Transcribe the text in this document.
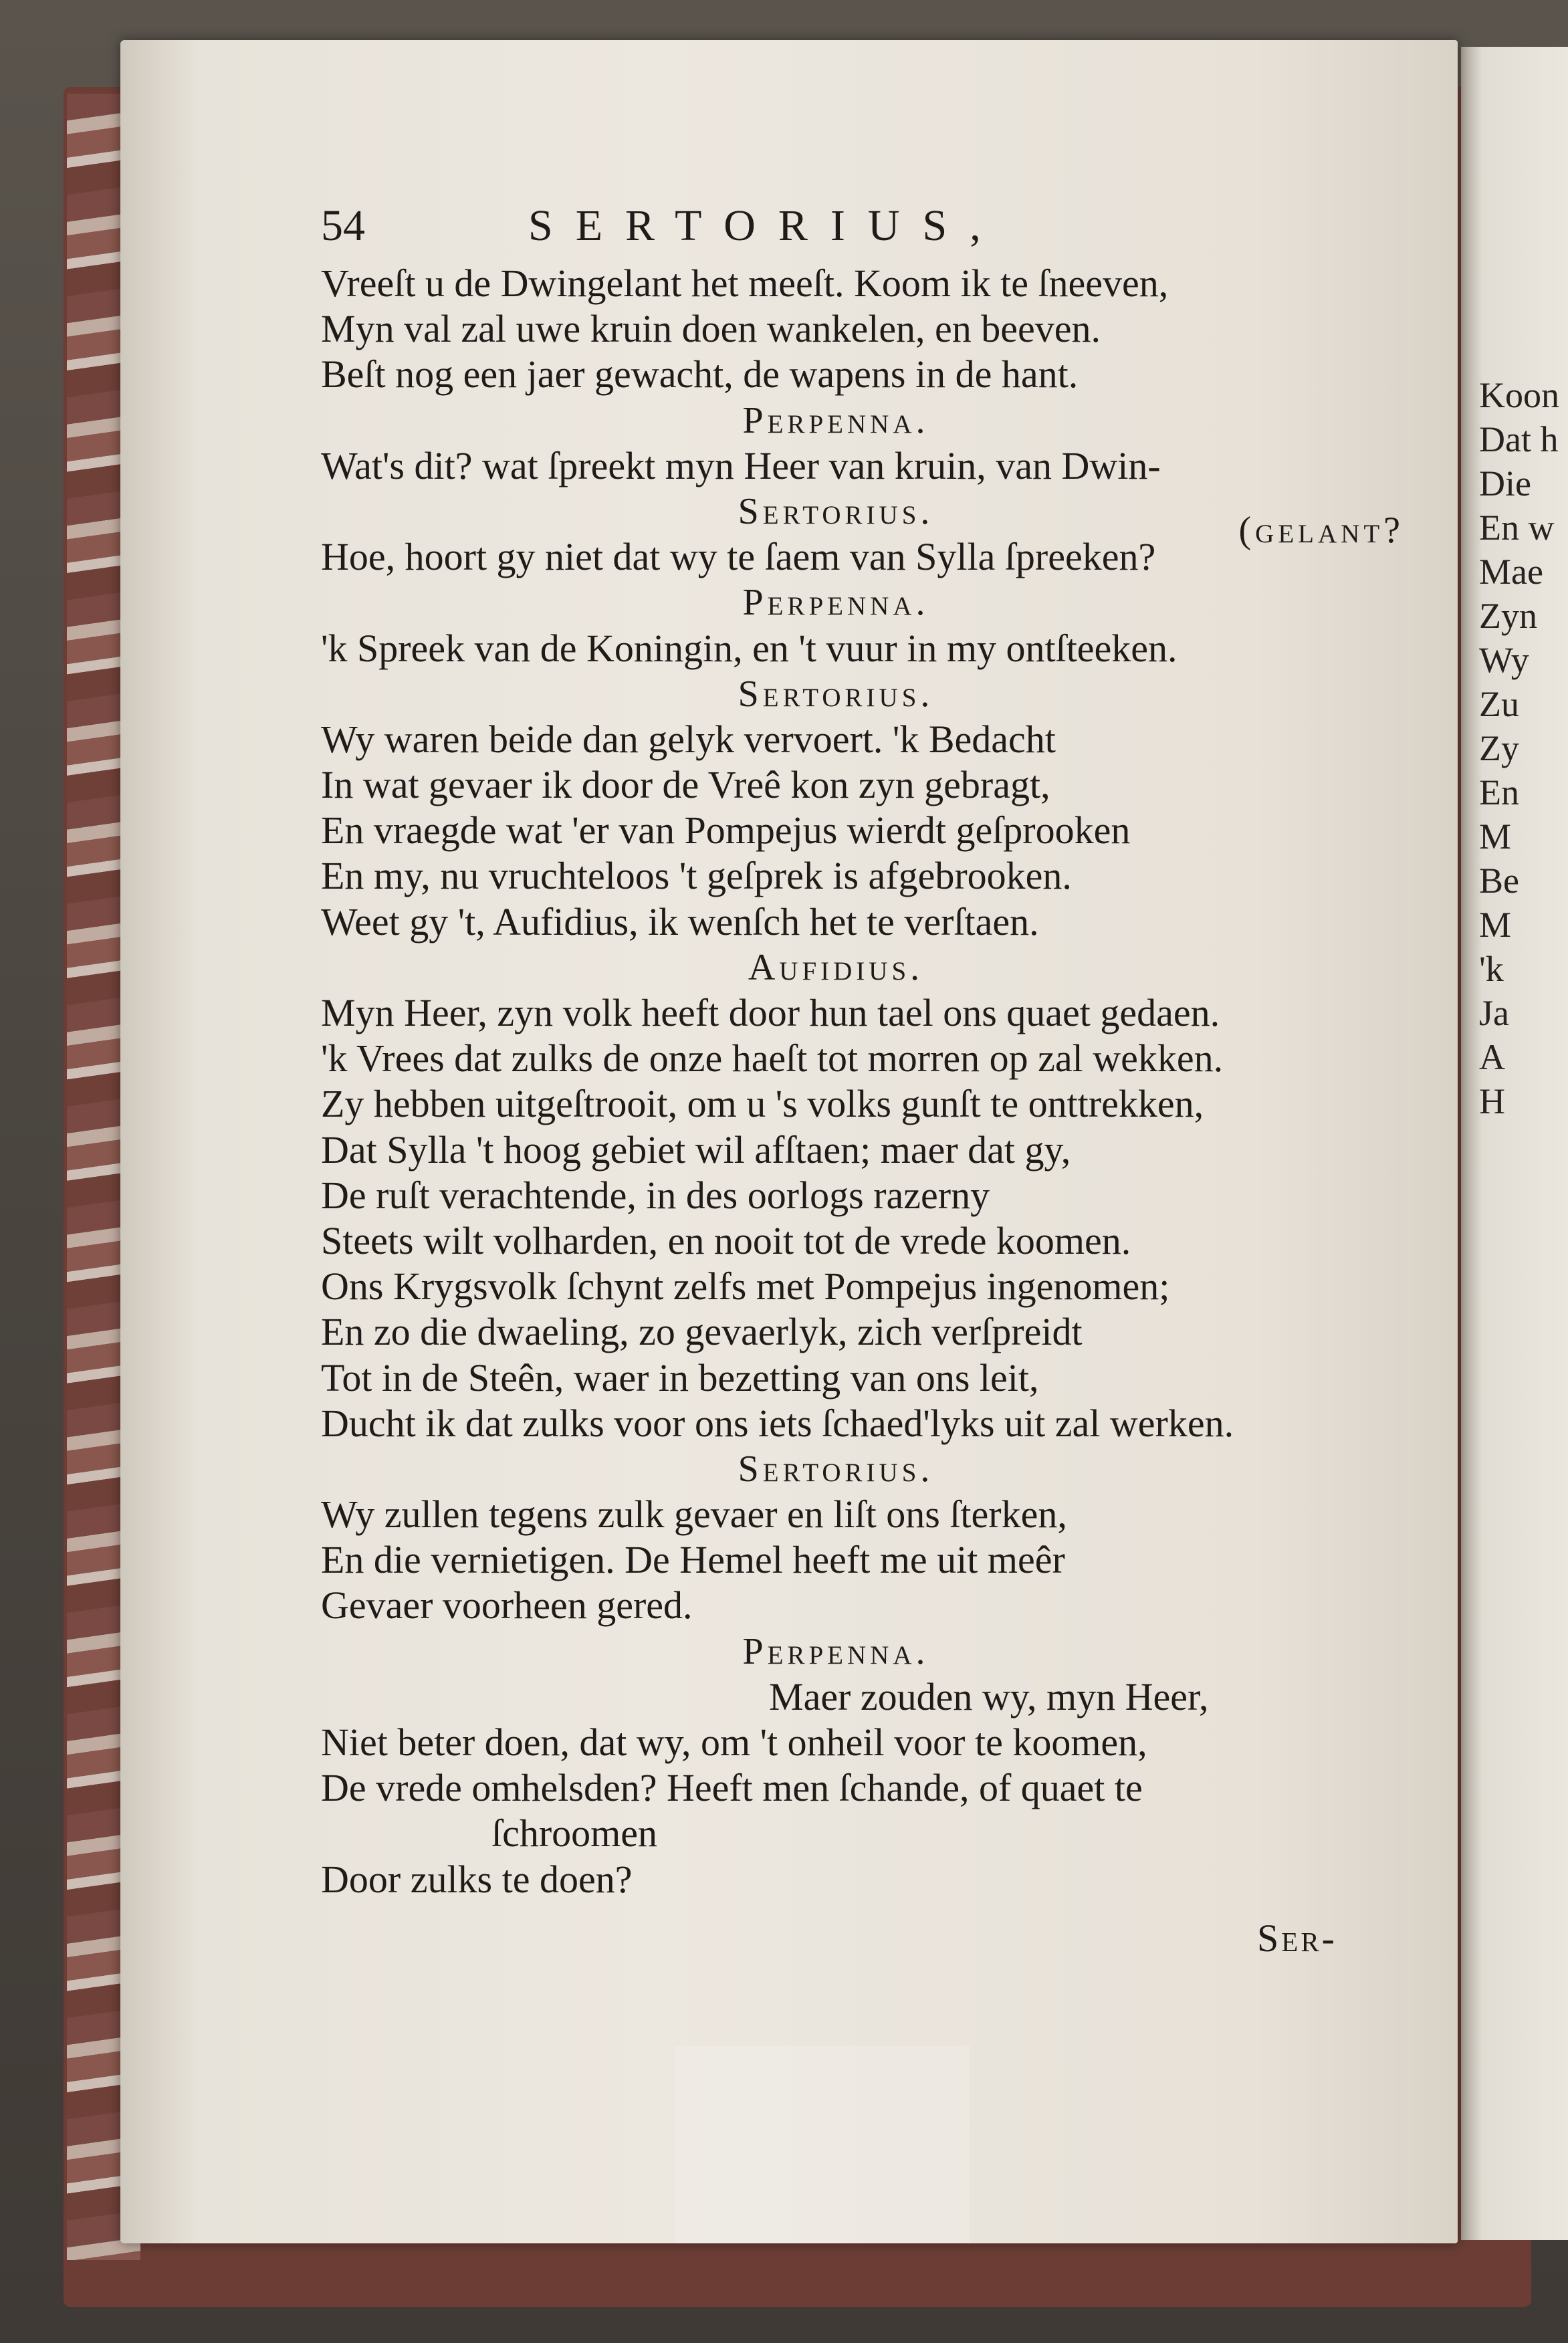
Koon
Dat h
Die
En w
Mae
Zyn
Wy
Zu
Zy
En
M
Be
M
'k
Ja
A
H
54	SERTORIUS,
Vreeſt u de Dwingelant het meeſt. Koom ik te ſneeven,
Myn val zal uwe kruin doen wankelen, en beeven.
Beſt nog een jaer gewacht, de wapens in de hant.
Perpenna.
Wat's dit? wat ſpreekt myn Heer van kruin, van Dwin-
Sertorius.	(gelant?
Hoe, hoort gy niet dat wy te ſaem van Sylla ſpreeken?
Perpenna.
'k Spreek van de Koningin, en 't vuur in my ontſteeken.
Sertorius.
Wy waren beide dan gelyk vervoert. 'k Bedacht
In wat gevaer ik door de Vreê kon zyn gebragt,
En vraegde wat 'er van Pompejus wierdt geſprooken
En my, nu vruchteloos 't geſprek is afgebrooken.
Weet gy 't, Aufidius, ik wenſch het te verſtaen.
Aufidius.
Myn Heer, zyn volk heeft door hun tael ons quaet gedaen.
'k Vrees dat zulks de onze haeſt tot morren op zal wekken.
Zy hebben uitgeſtrooit, om u 's volks gunſt te onttrekken,
Dat Sylla 't hoog gebiet wil afſtaen; maer dat gy,
De ruſt verachtende, in des oorlogs razerny
Steets wilt volharden, en nooit tot de vrede koomen.
Ons Krygsvolk ſchynt zelfs met Pompejus ingenomen;
En zo die dwaeling, zo gevaerlyk, zich verſpreidt
Tot in de Steên, waer in bezetting van ons leit,
Ducht ik dat zulks voor ons iets ſchaed'lyks uit zal werken.
Sertorius.
Wy zullen tegens zulk gevaer en liſt ons ſterken,
En die vernietigen. De Hemel heeft me uit meêr
Gevaer voorheen gered.
Perpenna.
Maer zouden wy, myn Heer,
Niet beter doen, dat wy, om 't onheil voor te koomen,
De vrede omhelsden? Heeft men ſchande, of quaet te
ſchroomen
Door zulks te doen?
Ser-
